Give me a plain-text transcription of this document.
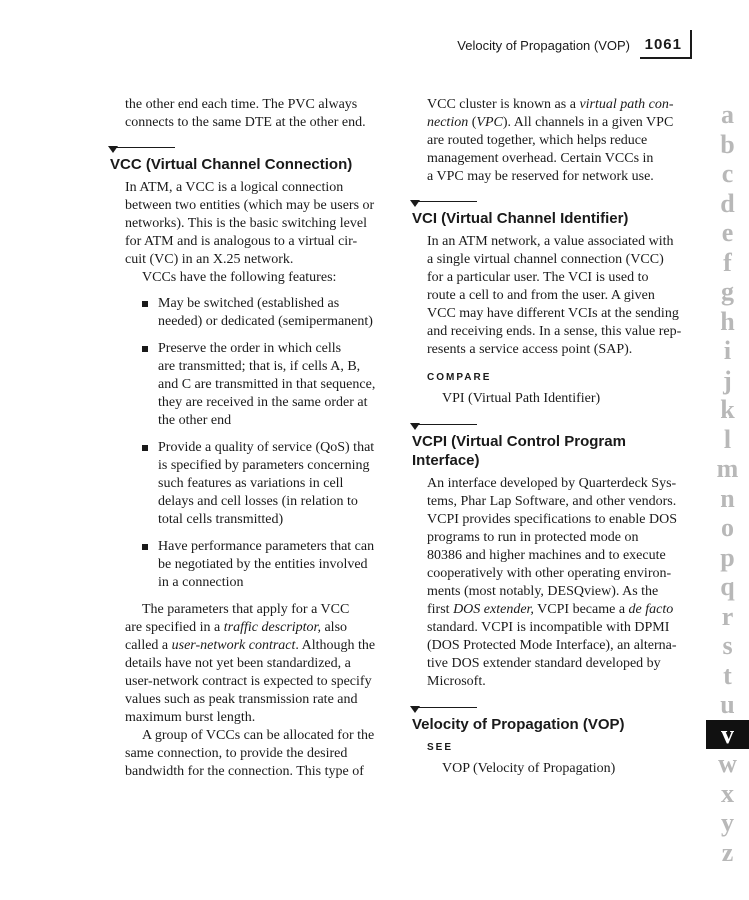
Velocity of Propagation (VOP) 1061

the other end each time. The PVC always

connects to the same DTE at the other end.

VCC (Virtual Channel Connection)

In ATM, a VCC is a logical connection

between two entities (which may be users or

networks). This is the basic switching level

for ATM and is analogous to a virtual cir-

cuit (VC) in an X.25 network.

VCCs have the following features:

May be switched (established as

needed) or dedicated (semipermanent)

Preserve the order in which cells

are transmitted; that is, if cells A, B,

and C are transmitted in that sequence,

they are received in the same order at

the other end

Provide a quality of service (QoS) that

is specified by parameters concerning

such features as variations in cell

delays and cell losses (in relation to

total cells transmitted)

Have performance parameters that can

be negotiated by the entities involved

in a connection

The parameters that apply for a VCC

are specified in a traffic descriptor, also

called a user-network contract. Although the

details have not yet been standardized, a

user-network contract is expected to specify

values such as peak transmission rate and

maximum burst length.

A group of VCCs can be allocated for the

same connection, to provide the desired

bandwidth for the connection. This type of

VCC cluster is known as a virtual path con-

nection (VPC). All channels in a given VPC

are routed together, which helps reduce

management overhead. Certain VCCs in

a VPC may be reserved for network use.

VCI (Virtual Channel Identifier)

In an ATM network, a value associated with

a single virtual channel connection (VCC)

for a particular user. The VCI is used to

route a cell to and from the user. A given

VCC may have different VCIs at the sending

and receiving ends. In a sense, this value rep-

resents a service access point (SAP).

COMPARE

VPI (Virtual Path Identifier)

VCPI (Virtual Control Program
Interface)

An interface developed by Quarterdeck Sys-

tems, Phar Lap Software, and other vendors.

VCPI provides specifications to enable DOS

programs to run in protected mode on

80386 and higher machines and to execute

cooperatively with other operating environ-

ments (most notably, DESQview). As the

first DOS extender, VCPI became a de facto

standard. VCPI is incompatible with DPMI

(DOS Protected Mode Interface), an alterna-

tive DOS extender standard developed by

Microsoft.

Velocity of Propagation (VOP)
SEE

VOP (Velocity of Propagation)

a
b
c
d
e
f
g
h
i
j
k
l
m
n
o
p
q
r
s
t
u
v
w
x
y
z
